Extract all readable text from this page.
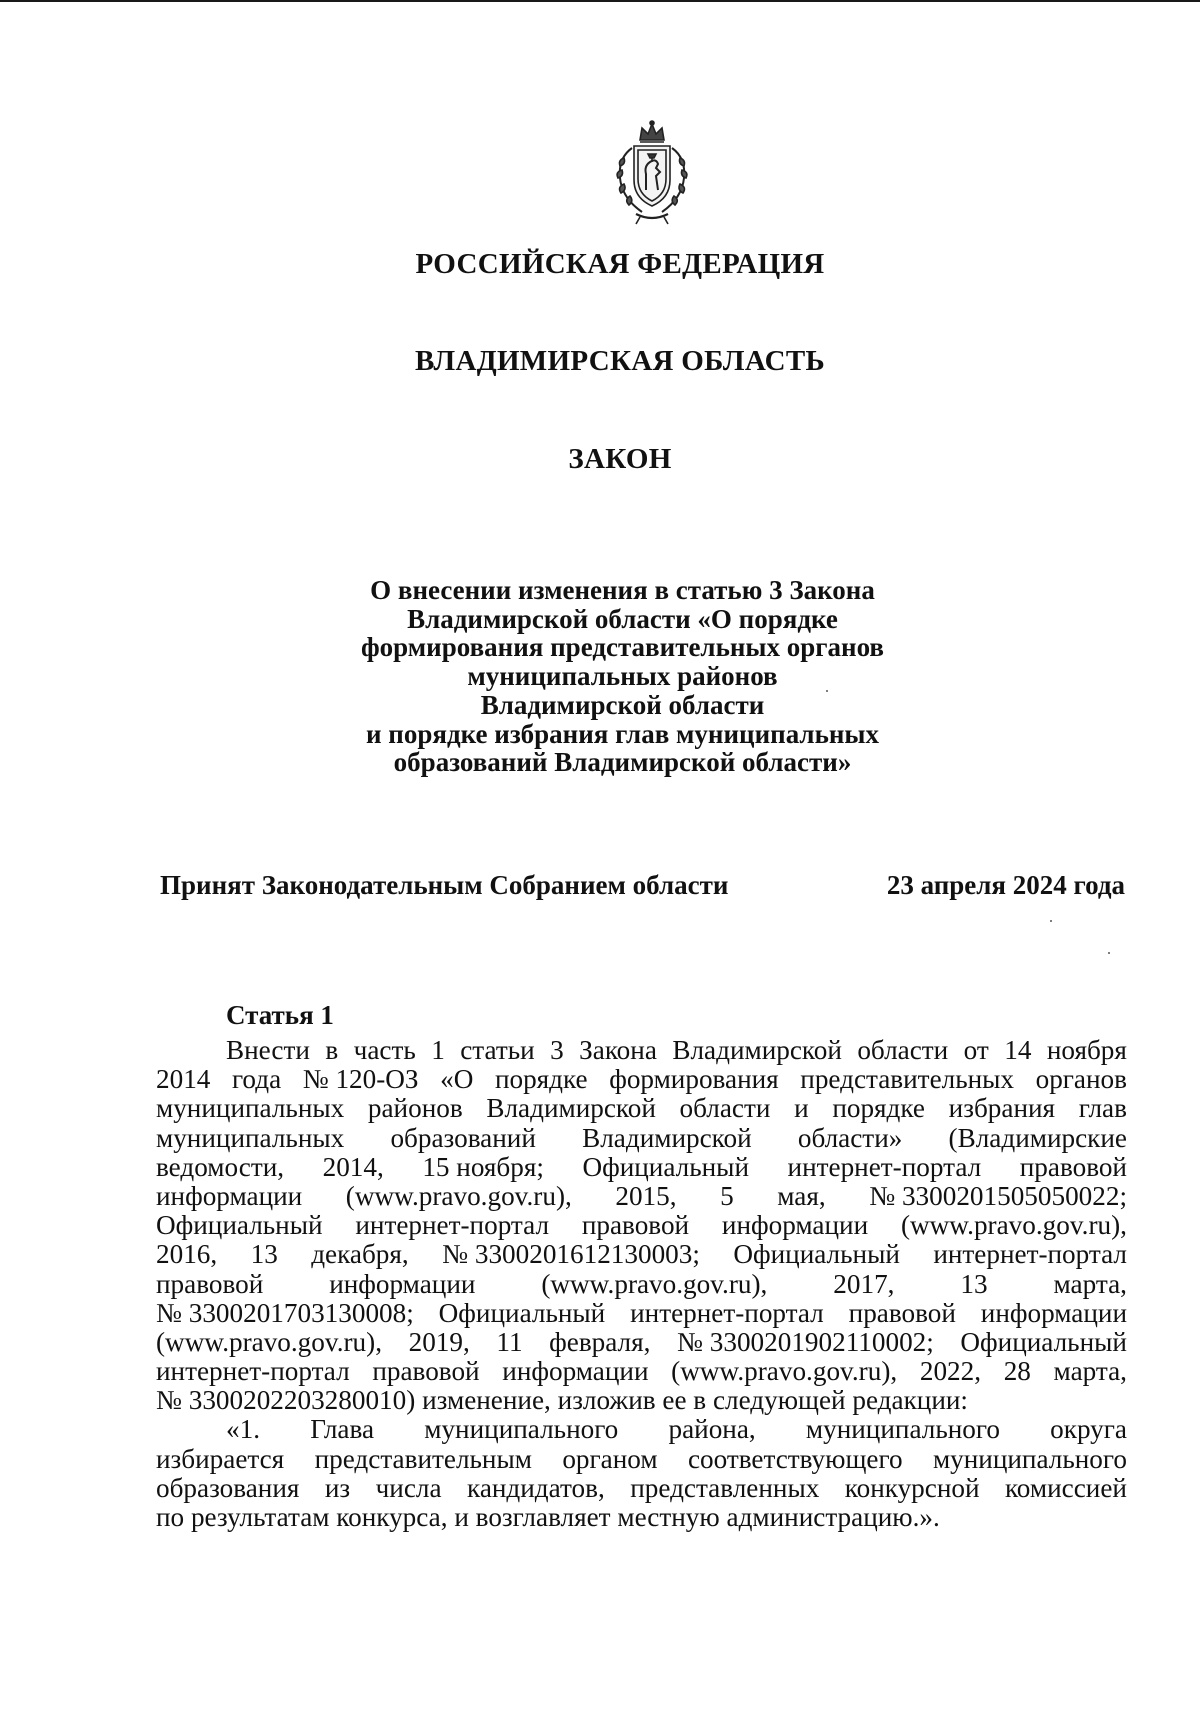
РОССИЙСКАЯ ФЕДЕРАЦИЯ
ВЛАДИМИРСКАЯ ОБЛАСТЬ
ЗАКОН
О внесении изменения в статью 3 Закона
Владимирской области «О порядке
формирования представительных органов
муниципальных районов
Владимирской области
и порядке избрания глав муниципальных
образований Владимирской области»
Принят Законодательным Собранием области	23 апреля 2024 года
Статья 1
Внести в часть 1 статьи 3 Закона Владимирской области от 14 ноября
2014 года № 120-ОЗ «О порядке формирования представительных органов
муниципальных районов Владимирской области и порядке избрания глав
муниципальных образований Владимирской области» (Владимирские
ведомости, 2014, 15 ноября; Официальный интернет-портал правовой
информации (www.pravo.gov.ru), 2015, 5 мая, № 3300201505050022;
Официальный интернет-портал правовой информации (www.pravo.gov.ru),
2016, 13 декабря, № 3300201612130003; Официальный интернет-портал
правовой информации (www.pravo.gov.ru), 2017, 13 марта,
№ 3300201703130008; Официальный интернет-портал правовой информации
(www.pravo.gov.ru), 2019, 11 февраля, № 3300201902110002; Официальный
интернет-портал правовой информации (www.pravo.gov.ru), 2022, 28 марта,
№ 3300202203280010) изменение, изложив ее в следующей редакции:
«1. Глава муниципального района, муниципального округа
избирается представительным органом соответствующего муниципального
образования из числа кандидатов, представленных конкурсной комиссией
по результатам конкурса, и возглавляет местную администрацию.».
